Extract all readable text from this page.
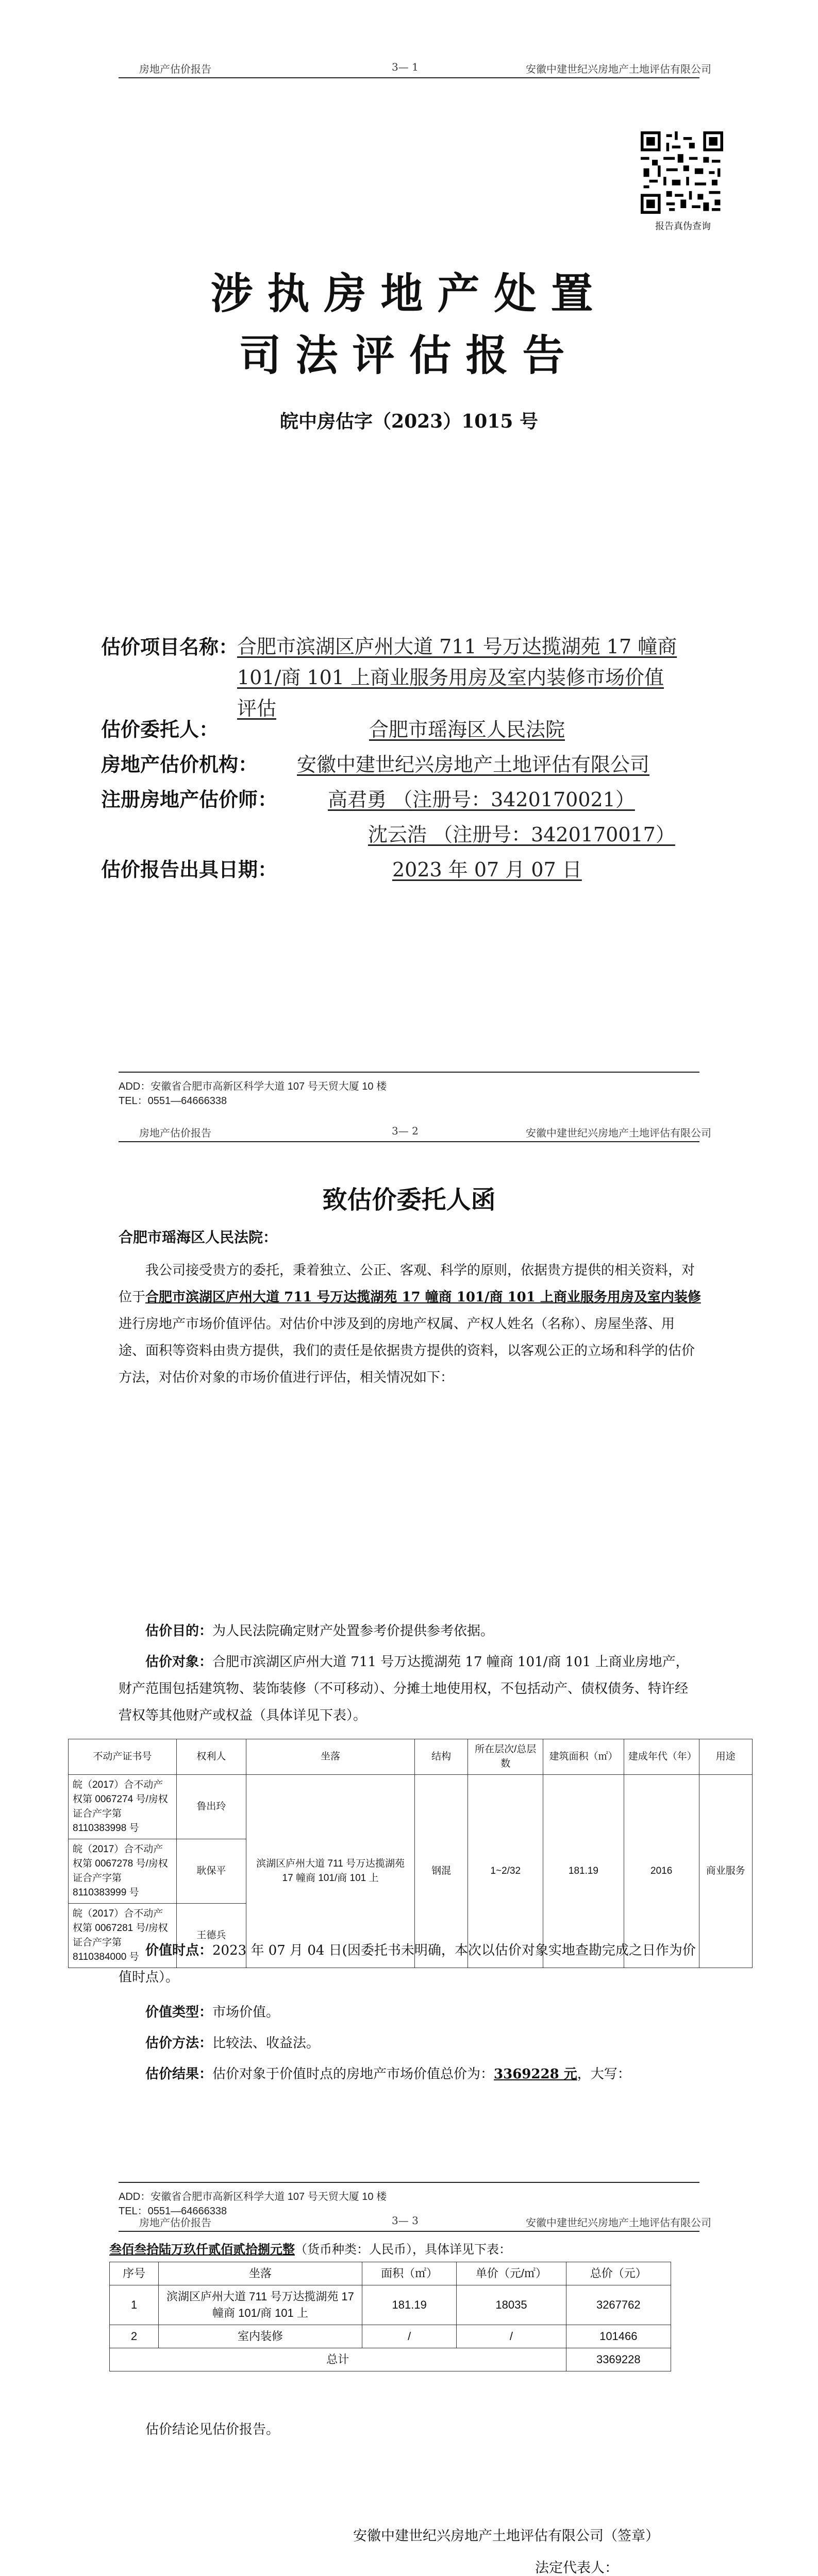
房地产估价报告	3— 1	安徽中建世纪兴房地产土地评估有限公司
报告真伪查询
涉执房地产处置
司法评估报告
皖中房估字（2023）1015 号
估价项目名称：
合肥市滨湖区庐州大道 711 号万达揽湖苑 17 幢商
101/商 101 上商业服务用房及室内装修市场价值
评估
估价委托人：	合肥市瑶海区人民法院
房地产估价机构： 安徽中建世纪兴房地产土地评估有限公司
注册房地产估价师：	高君勇 （注册号：3420170021）
沈云浩 （注册号：3420170017）
估价报告出具日期：	2023 年 07 月 07 日
ADD：安徽省合肥市高新区科学大道 107 号天贸大厦 10 楼
TEL：0551—64666338
房地产估价报告	3— 2	安徽中建世纪兴房地产土地评估有限公司
致估价委托人函
合肥市瑶海区人民法院：
我公司接受贵方的委托，秉着独立、公正、客观、科学的原则，依据贵方提供的相关资料，对位于合肥市滨湖区庐州大道 711 号万达揽湖苑 17 幢商 101/商 101 上商业服务用房及室内装修进行房地产市场价值评估。对估价中涉及到的房地产权属、产权人姓名（名称）、房屋坐落、用途、面积等资料由贵方提供，我们的责任是依据贵方提供的资料，以客观公正的立场和科学的估价方法，对估价对象的市场价值进行评估，相关情况如下：
估价目的：为人民法院确定财产处置参考价提供参考依据。
估价对象：合肥市滨湖区庐州大道 711 号万达揽湖苑 17 幢商 101/商 101 上商业房地产，财产范围包括建筑物、装饰装修（不可移动）、分摊土地使用权，不包括动产、债权债务、特许经营权等其他财产或权益（具体详见下表）。
不动产证书号	权利人	坐落	结构	所在层次/总层数	建筑面积（㎡）	建成年代（年）	用途
皖（2017）合不动产权第 0067274 号/房权证合产字第 8110383998 号	鲁出玲	滨湖区庐州大道 711 号万达揽湖苑 17 幢商 101/商 101 上	钢混	1~2/32	181.19	2016	商业服务
皖（2017）合不动产权第 0067278 号/房权证合产字第 8110383999 号	耿保平						
皖（2017）合不动产权第 0067281 号/房权证合产字第 8110384000 号	王德兵						
价值时点：2023 年 07 月 04 日(因委托书未明确，本次以估价对象实地查勘完成之日作为价值时点）。
价值类型：市场价值。
估价方法：比较法、收益法。
估价结果：估价对象于价值时点的房地产市场价值总价为：3369228 元，大写：
ADD：安徽省合肥市高新区科学大道 107 号天贸大厦 10 楼
TEL：0551—64666338
房地产估价报告	3— 3	安徽中建世纪兴房地产土地评估有限公司
叁佰叁拾陆万玖仟贰佰贰拾捌元整（货币种类：人民币），具体详见下表：
序号	坐落	面积（㎡）	单价（元/㎡）	总价（元）
1	滨湖区庐州大道 711 号万达揽湖苑 17 幢商 101/商 101 上	181.19	18035	3267762
2	室内装修	/	/	101466
总计				3369228
估价结论见估价报告。
安徽中建世纪兴房地产土地评估有限公司（签章）
法定代表人：
